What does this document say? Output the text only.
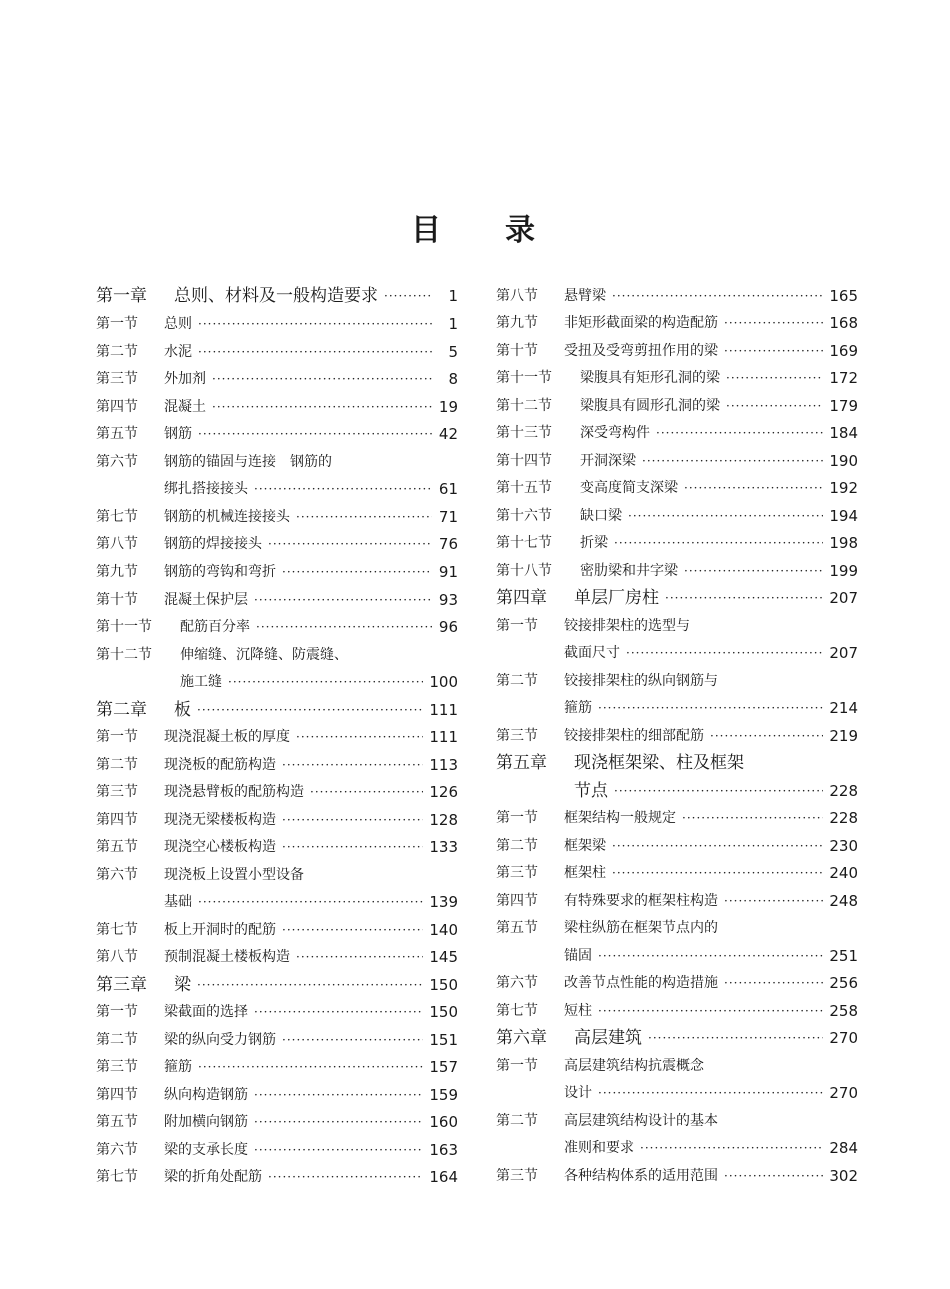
目 录
第一章	总则、材料及一般构造要求 ·····	1
第一节	总则 ·····	1
第二节	水泥 ·····	5
第三节	外加剂 ·····	8
第四节	混凝土 ·····	19
第五节	钢筋 ·····	42
第六节	钢筋的锚固与连接　钢筋的
绑扎搭接接头 ·····	61
第七节	钢筋的机械连接接头 ·····	71
第八节	钢筋的焊接接头 ·····	76
第九节	钢筋的弯钩和弯折 ·····	91
第十节	混凝土保护层 ·····	93
第十一节	配筋百分率 ·····	96
第十二节	伸缩缝、沉降缝、防震缝、
施工缝 ·····	100
第二章	板 ·····	111
第一节	现浇混凝土板的厚度 ·····	111
第二节	现浇板的配筋构造 ·····	113
第三节	现浇悬臂板的配筋构造 ·····	126
第四节	现浇无梁楼板构造 ·····	128
第五节	现浇空心楼板构造 ·····	133
第六节	现浇板上设置小型设备
基础 ·····	139
第七节	板上开洞时的配筋 ·····	140
第八节	预制混凝土楼板构造 ·····	145
第三章	梁 ·····	150
第一节	梁截面的选择 ·····	150
第二节	梁的纵向受力钢筋 ·····	151
第三节	箍筋 ·····	157
第四节	纵向构造钢筋 ·····	159
第五节	附加横向钢筋 ·····	160
第六节	梁的支承长度 ·····	163
第七节	梁的折角处配筋 ·····	164
第八节	悬臂梁 ·····	165
第九节	非矩形截面梁的构造配筋 ·····	168
第十节	受扭及受弯剪扭作用的梁 ·····	169
第十一节	梁腹具有矩形孔洞的梁 ·····	172
第十二节	梁腹具有圆形孔洞的梁 ·····	179
第十三节	深受弯构件 ·····	184
第十四节	开洞深梁 ·····	190
第十五节	变高度简支深梁 ·····	192
第十六节	缺口梁 ·····	194
第十七节	折梁 ·····	198
第十八节	密肋梁和井字梁 ·····	199
第四章	单层厂房柱 ·····	207
第一节	铰接排架柱的选型与
截面尺寸 ·····	207
第二节	铰接排架柱的纵向钢筋与
箍筋 ·····	214
第三节	铰接排架柱的细部配筋 ·····	219
第五章	现浇框架梁、柱及框架
节点 ·····	228
第一节	框架结构一般规定 ·····	228
第二节	框架梁 ·····	230
第三节	框架柱 ·····	240
第四节	有特殊要求的框架柱构造 ·····	248
第五节	梁柱纵筋在框架节点内的
锚固 ·····	251
第六节	改善节点性能的构造措施 ·····	256
第七节	短柱 ·····	258
第六章	高层建筑 ·····	270
第一节	高层建筑结构抗震概念
设计 ·····	270
第二节	高层建筑结构设计的基本
准则和要求 ·····	284
第三节	各种结构体系的适用范围 ·····	302
